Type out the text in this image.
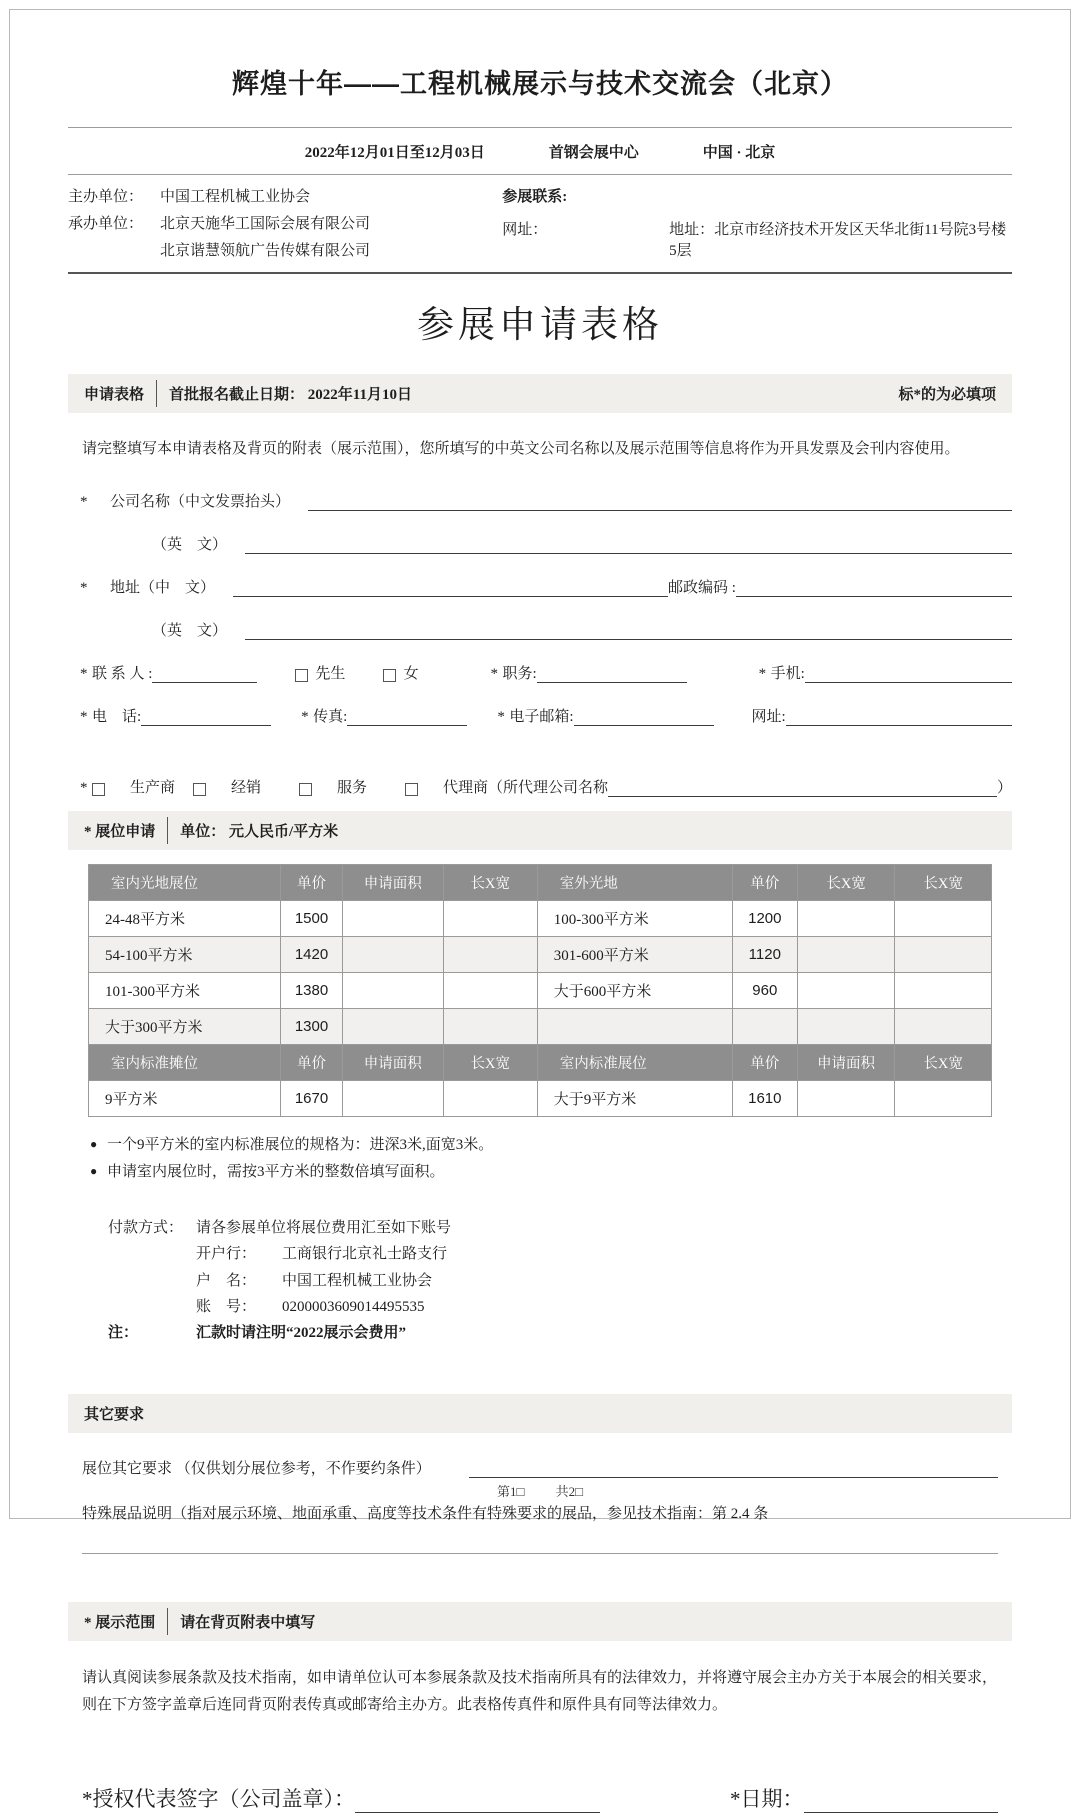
辉煌十年——工程机械展示与技术交流会（北京）
2022年12月01日至12月03日	首钢会展中心	中国 · 北京
主办单位：	中国工程机械工业协会
承办单位：	北京天施华工国际会展有限公司
北京谐慧领航广告传媒有限公司
参展联系:
网址：	地址：北京市经济技术开发区天华北街11号院3号楼5层
参展申请表格
申请表格 首批报名截止日期： 2022年11月10日	标*的为必填项
请完整填写本申请表格及背页的附表（展示范围），您所填写的中英文公司名称以及展示范围等信息将作为开具发票及会刊内容使用。
*	公司名称（中文发票抬头）
（英　文）
*	地址（中　文）	邮政编码 :
（英　文）
* 联 系 人 :	先生	女	* 职务:	* 手机:
* 电　话:	* 传真:	* 电子邮箱:	网址:
*	生产商	经销	服务	代理商（所代理公司名称	）
* 展位申请 单位： 元人民币/平方米
室内光地展位	单价	申请面积	长X宽	室外光地	单价	长X宽	长X宽
24-48平方米	1500			100-300平方米	1200		
54-100平方米	1420			301-600平方米	1120		
101-300平方米	1380			大于600平方米	960		
大于300平方米	1300						
室内标准摊位	单价	申请面积	长X宽	室内标准展位	单价	申请面积	长X宽
9平方米	1670			大于9平方米	1610		
● 一个9平方米的室内标准展位的规格为：进深3米,面宽3米。
● 申请室内展位时，需按3平方米的整数倍填写面积。
付款方式： 请各参展单位将展位费用汇至如下账号
开户行：	工商银行北京礼士路支行
户　名：	中国工程机械工业协会
账　号：	0200003609014495535
注：	汇款时请注明“2022展示会费用”
其它要求
展位其它要求 （仅供划分展位参考，不作要约条件）
特殊展品说明（指对展示环境、地面承重、高度等技术条件有特殊要求的展品，参见技术指南：第 2.4 条
* 展示范围 请在背页附表中填写
请认真阅读参展条款及技术指南，如申请单位认可本参展条款及技术指南所具有的法律效力，并将遵守展会主办方关于本展会的相关要求，则在下方签字盖章后连同背页附表传真或邮寄给主办方。此表格传真件和原件具有同等法律效力。
*授权代表签字（公司盖章）：	*日期：
第1□ 共2□
